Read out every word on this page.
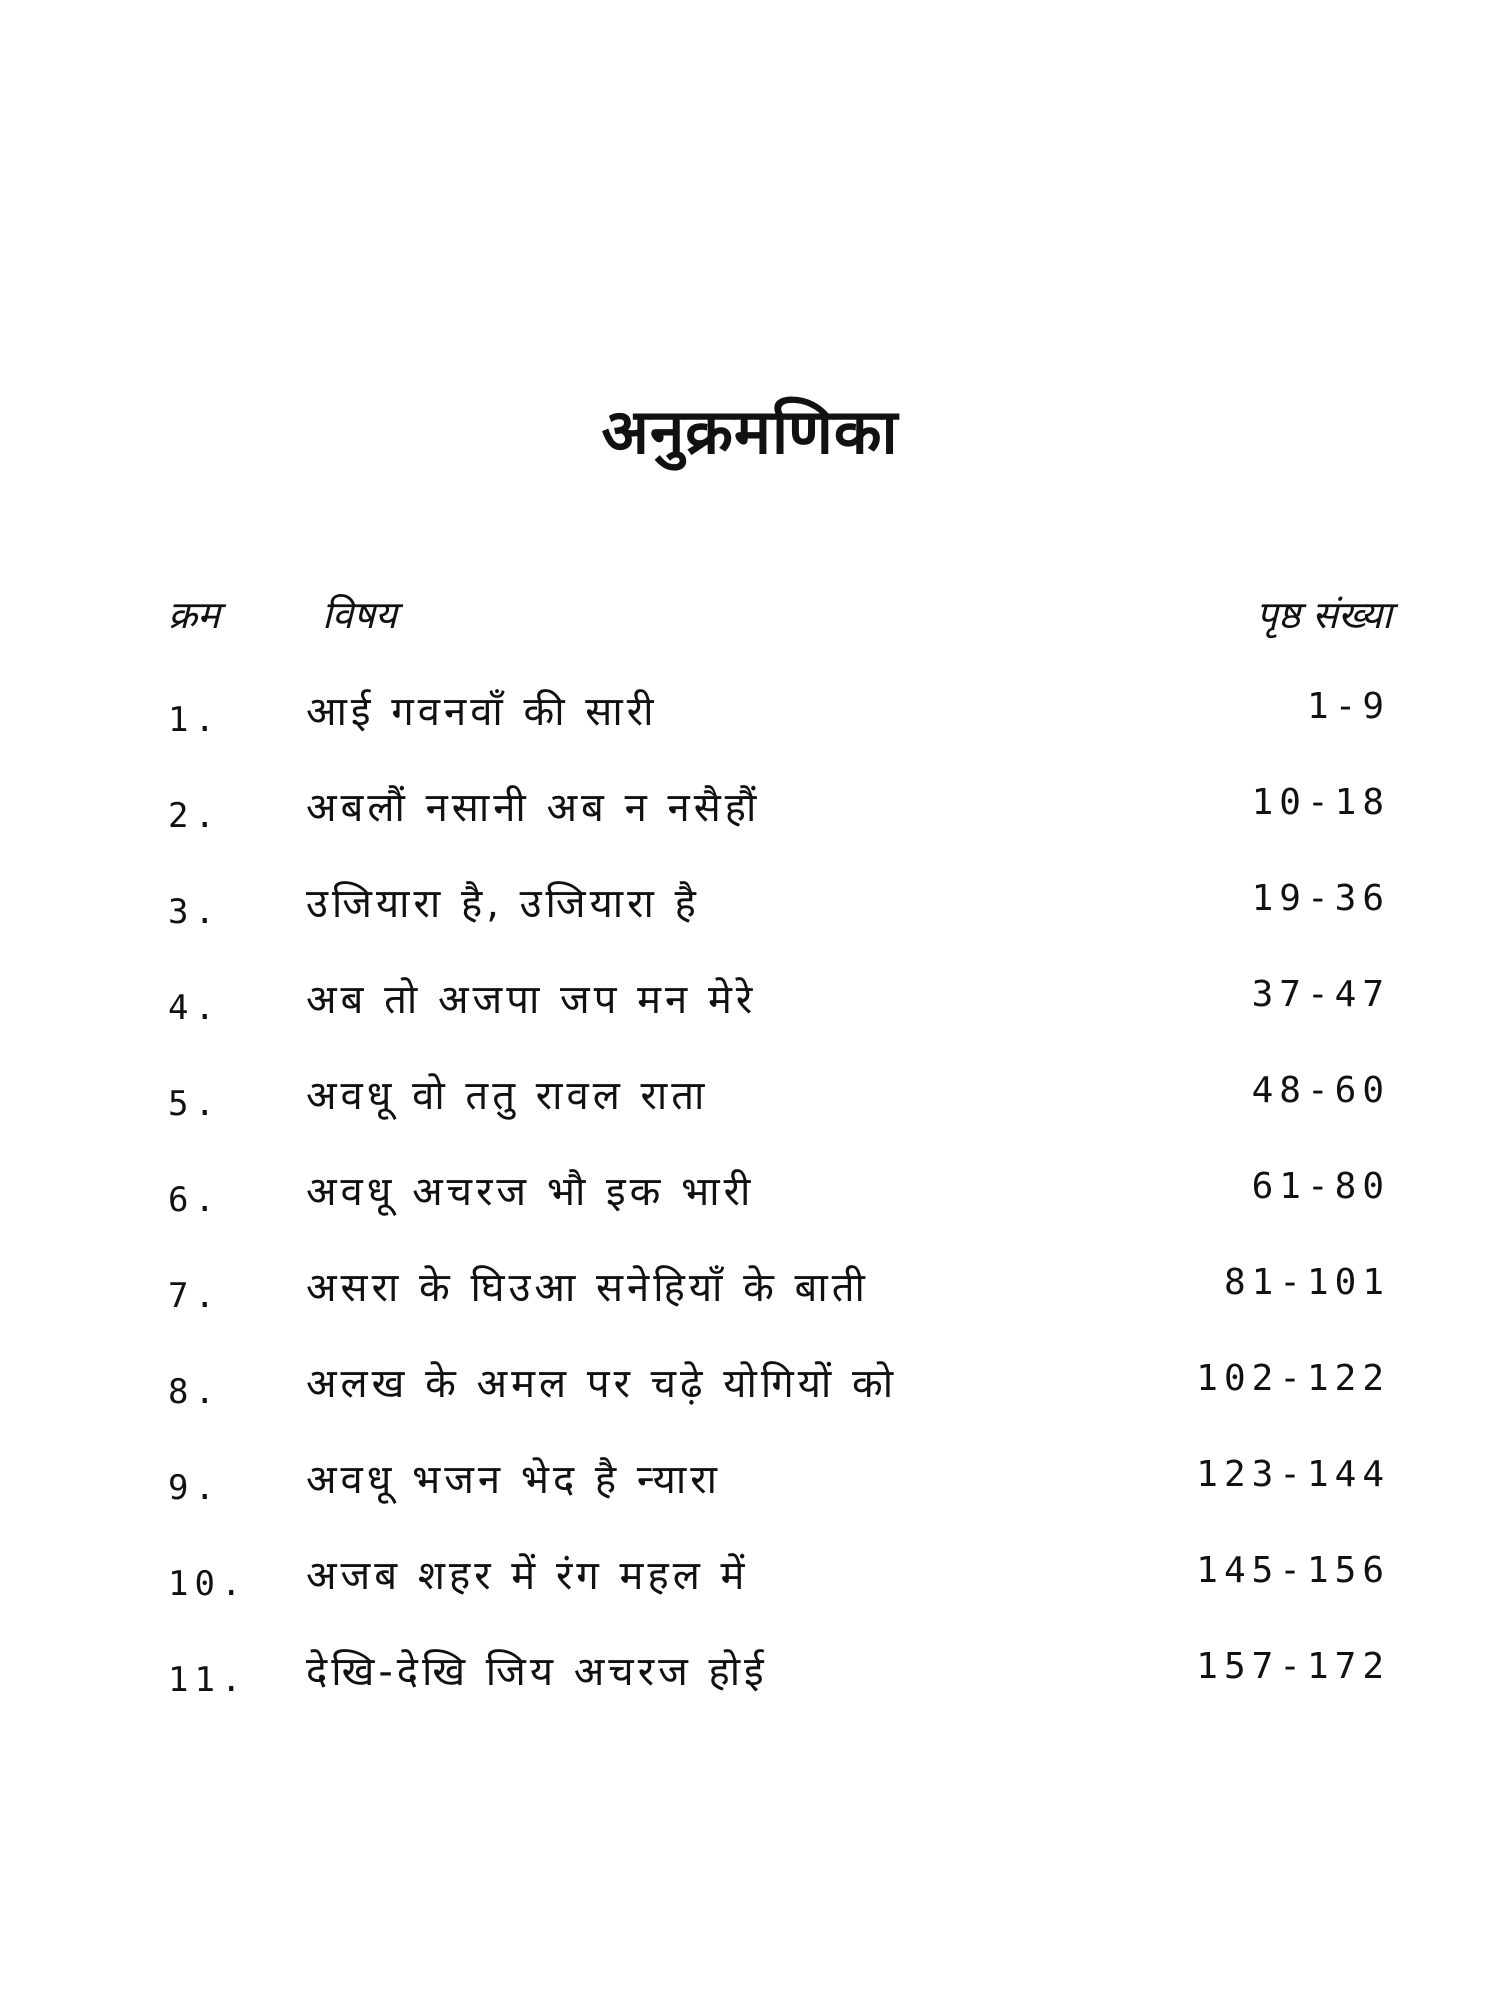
अनुक्रमणिका
क्रम	विषय	पृष्ठ संख्या
1. आई गवनवाँ की सारी	1-9
2. अबलौं नसानी अब न नसैहौं	10-18
3. उजियारा है, उजियारा है	19-36
4. अब तो अजपा जप मन मेरे	37-47
5. अवधू वो ततु रावल राता	48-60
6. अवधू अचरज भौ इक भारी	61-80
7. असरा के घिउआ सनेहियाँ के बाती	81-101
8. अलख के अमल पर चढ़े योगियों को	102-122
9. अवधू भजन भेद है न्यारा	123-144
10. अजब शहर में रंग महल में	145-156
11. देखि-देखि जिय अचरज होई	157-172
